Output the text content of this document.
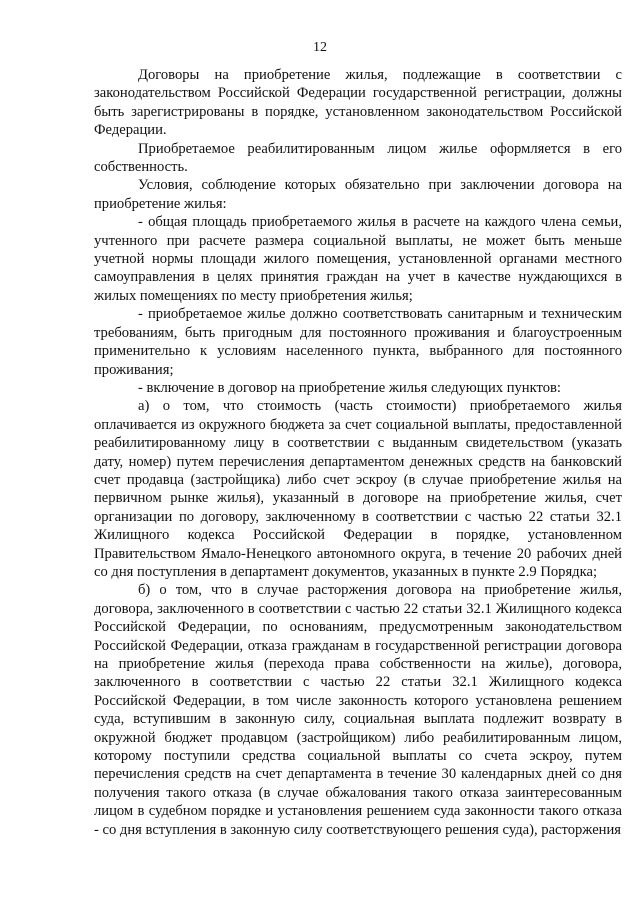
12

Договоры на приобретение жилья, подлежащие в соответствии с законодательством Российской Федерации государственной регистрации, должны быть зарегистрированы в порядке, установленном законодательством Российской Федерации.

Приобретаемое реабилитированным лицом жилье оформляется в его собственность.

Условия, соблюдение которых обязательно при заключении договора на приобретение жилья:

- общая площадь приобретаемого жилья в расчете на каждого члена семьи, учтенного при расчете размера социальной выплаты, не может быть меньше учетной нормы площади жилого помещения, установленной органами местного самоуправления в целях принятия граждан на учет в качестве нуждающихся в жилых помещениях по месту приобретения жилья;

- приобретаемое жилье должно соответствовать санитарным и техническим требованиям, быть пригодным для постоянного проживания и благоустроенным применительно к условиям населенного пункта, выбранного для постоянного проживания;

- включение в договор на приобретение жилья следующих пунктов:

а) о том, что стоимость (часть стоимости) приобретаемого жилья оплачивается из окружного бюджета за счет социальной выплаты, предоставленной реабилитированному лицу в соответствии с выданным свидетельством (указать дату, номер) путем перечисления департаментом денежных средств на банковский счет продавца (застройщика) либо счет эскроу (в случае приобретение жилья на первичном рынке жилья), указанный в договоре на приобретение жилья, счет организации по договору, заключенному в соответствии с частью 22 статьи 32.1 Жилищного кодекса Российской Федерации в порядке, установленном Правительством Ямало-Ненецкого автономного округа, в течение 20 рабочих дней со дня поступления в департамент документов, указанных в пункте 2.9 Порядка;

б) о том, что в случае расторжения договора на приобретение жилья, договора, заключенного в соответствии с частью 22 статьи 32.1 Жилищного кодекса Российской Федерации, по основаниям, предусмотренным законодательством Российской Федерации, отказа гражданам в государственной регистрации договора на приобретение жилья (перехода права собственности на жилье), договора, заключенного в соответствии с частью 22 статьи 32.1 Жилищного кодекса Российской Федерации, в том числе законность которого установлена решением суда, вступившим в законную силу, социальная выплата подлежит возврату в окружной бюджет продавцом (застройщиком) либо реабилитированным лицом, которому поступили средства социальной выплаты со счета эскроу, путем перечисления средств на счет департамента в течение 30 календарных дней со дня получения такого отказа (в случае обжалования такого отказа заинтересованным лицом в судебном порядке и установления решением суда законности такого отказа - со дня вступления в законную силу соответствующего решения суда), расторжения
